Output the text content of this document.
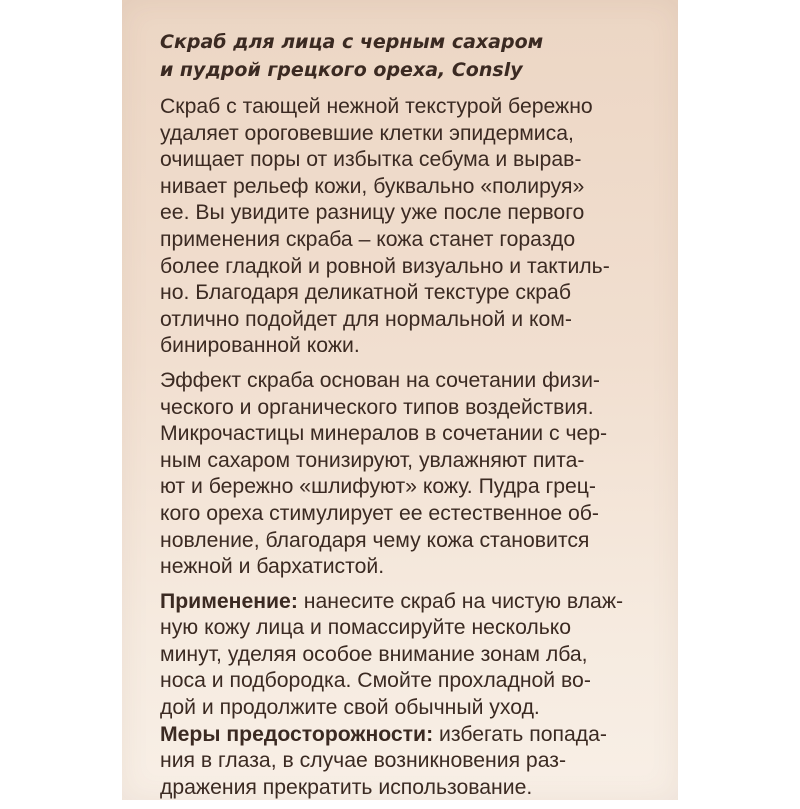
Скраб для лица с черным сахаром
и пудрой грецкого ореха, Consly
Скраб с тающей нежной текстурой бережно
удаляет ороговевшие клетки эпидермиса,
очищает поры от избытка себума и вырав-
нивает рельеф кожи, буквально «полируя»
ее. Вы увидите разницу уже после первого
применения скраба – кожа станет гораздо
более гладкой и ровной визуально и тактиль-
но. Благодаря деликатной текстуре скраб
отлично подойдет для нормальной и ком-
бинированной кожи.
Эффект скраба основан на сочетании физи-
ческого и органического типов воздействия.
Микрочастицы минералов в сочетании с чер-
ным сахаром тонизируют, увлажняют пита-
ют и бережно «шлифуют» кожу. Пудра грец-
кого ореха стимулирует ее естественное об-
новление, благодаря чему кожа становится
нежной и бархатистой.
Применение: нанесите скраб на чистую влаж-
ную кожу лица и помассируйте несколько
минут, уделяя особое внимание зонам лба,
носа и подбородка. Смойте прохладной во-
дой и продолжите свой обычный уход.
Меры предосторожности: избегать попада-
ния в глаза, в случае возникновения раз-
дражения прекратить использование.
